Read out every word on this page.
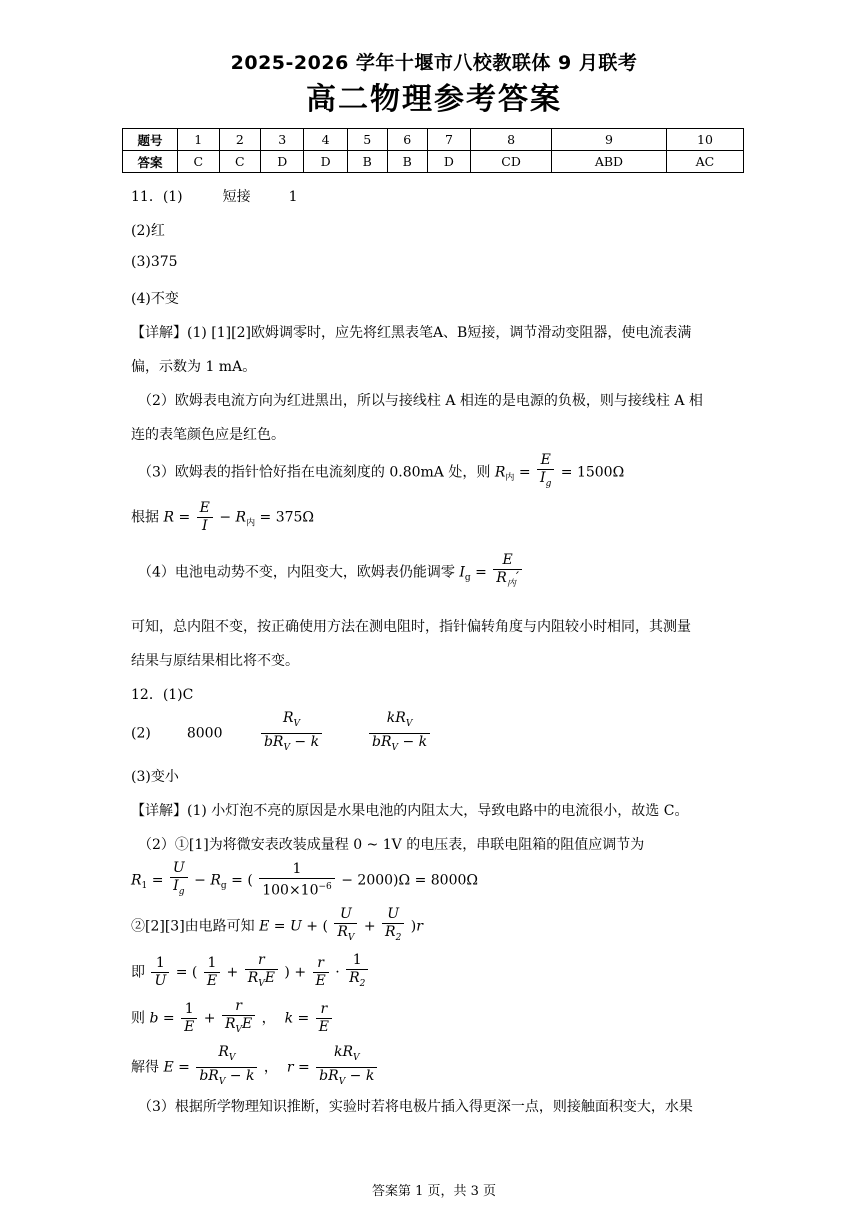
2025-2026 学年十堰市八校教联体 9 月联考
高二物理参考答案
题号	1	2	3	4	5	6	7	8	9	10
答案	C	C	D	D	B	B	D	CD	ABD	AC
11．(1)	短接	1
(2)红
(3)375
(4)不变
【详解】(1) [1][2]欧姆调零时，应先将红黑表笔A、B短接，调节滑动变阻器，使电流表满
偏，示数为 1 mA。
（2）欧姆表电流方向为红进黑出，所以与接线柱 A 相连的是电源的负极，则与接线柱 A 相
连的表笔颜色应是红色。
（3）欧姆表的指针恰好指在电流刻度的 0.80mA 处，则 $R_内 = \frac{E}{I_g} = 1500\Omega$
根据 $R = \frac{E}{I} - R_内 = 375\Omega$
（4）电池电动势不变，内阻变大，欧姆表仍能调零 $I_g = \frac{E}{R_内'}$
可知，总内阻不变，按正确使用方法在测电阻时，指针偏转角度与内阻较小时相同，其测量
结果与原结果相比将不变。
12．(1)C
(2)	8000	$\frac{R_V}{bR_V - k}$
	$\frac{kR_V}{bR_V - k}$
(3)变小
【详解】(1) 小灯泡不亮的原因是水果电池的内阻太大，导致电路中的电流很小，故选 C。
（2）①[1]为将微安表改装成量程 0 ~ 1V 的电压表，串联电阻箱的阻值应调节为
$R_1 = \frac{U}{I_g} - R_g$ = ( $\frac{1}{100\times 10^{-6}} - 2000)\Omega = 8000\Omega$
②[2][3]由电路可知 E = U + ( $\frac{U}{R_V} + \frac{U}{R_2} )r$
即 $\frac{1}{U}$ = ( $\frac{1}{E} + \frac{r}{R_VE}$ ) + $\frac{r}{E} \cdot \frac{1}{R_2}$
则 $b = \frac{1}{E} + \frac{r}{R_VE}$ ，  $k = \frac{r}{E}$
解得 $E = \frac{R_V}{bR_V - k}$ ，  $r = \frac{kR_V}{bR_V - k}$
（3）根据所学物理知识推断，实验时若将电极片插入得更深一点，则接触面积变大，水果
答案第 1 页，共 3 页
